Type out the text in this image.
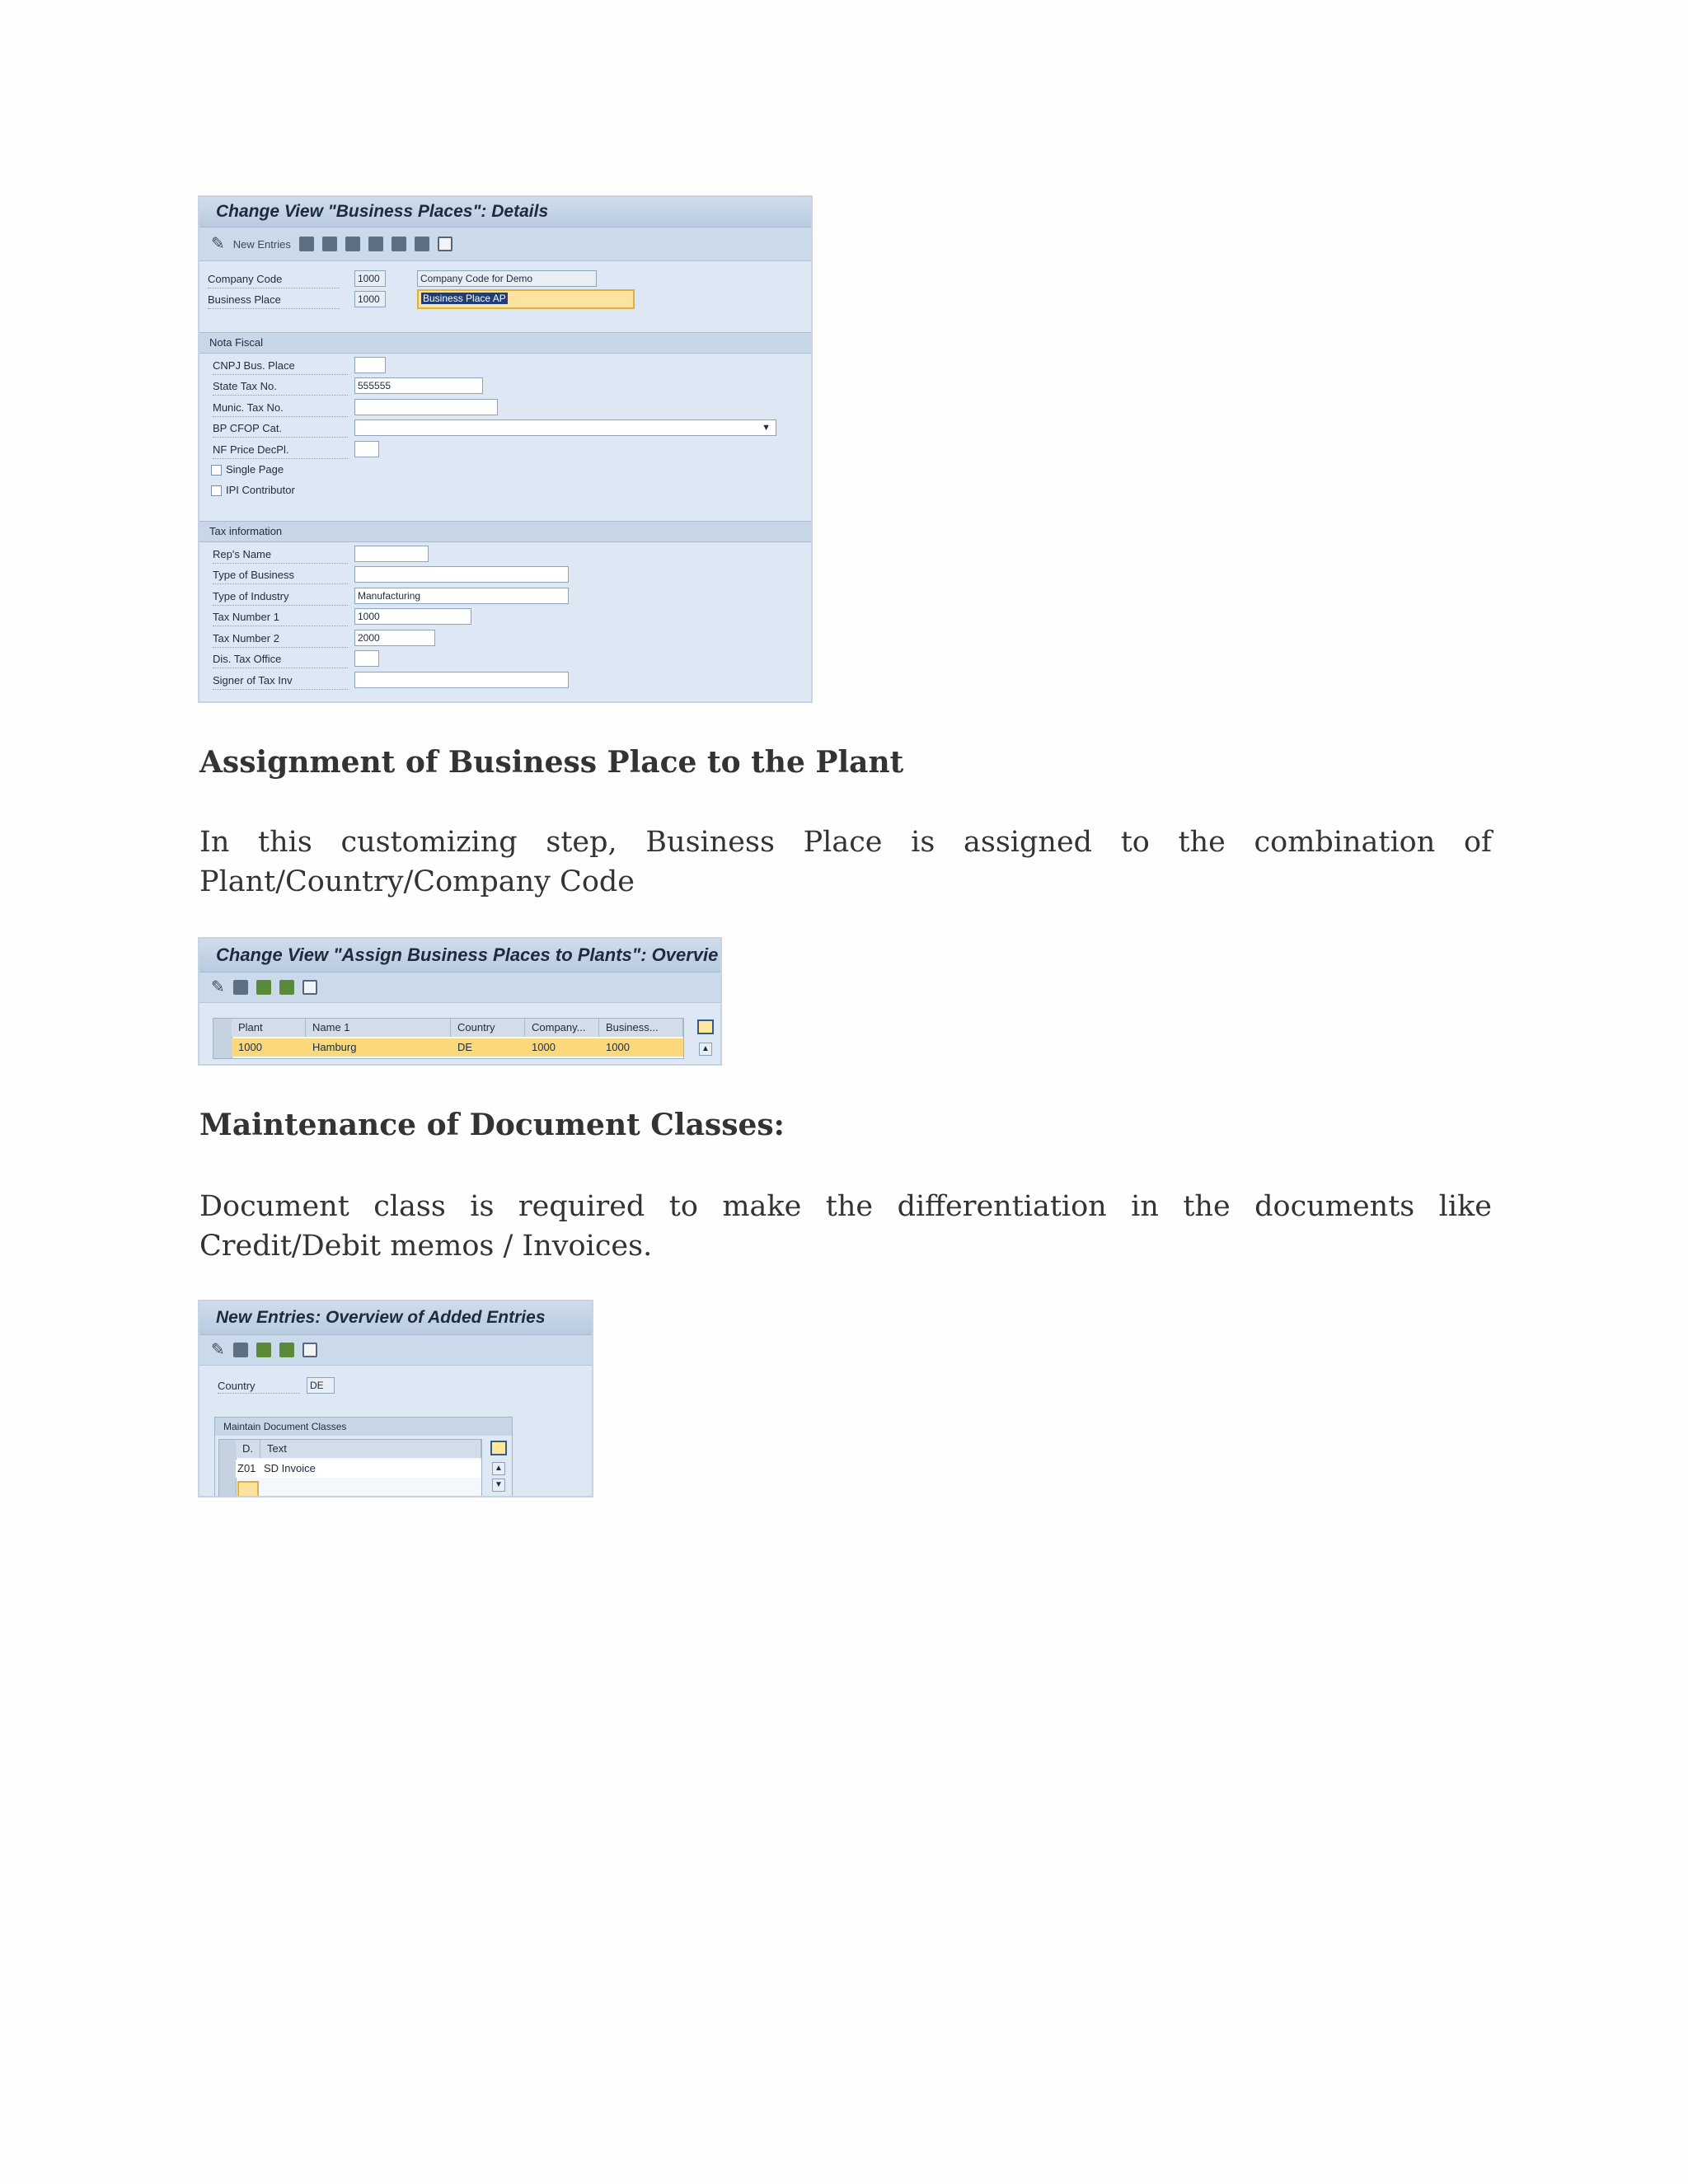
Change View "Business Places": Details
✎ New Entries
Company Code	1000	Company Code for Demo
Business Place	1000	Business Place AP
Nota Fiscal
CNPJ Bus. Place
State Tax No.	555555
Munic. Tax No.
BP CFOP Cat.	▼
NF Price DecPl.
Single Page
IPI Contributor
Tax information
Rep's Name
Type of Business
Type of Industry	Manufacturing
Tax Number 1	1000
Tax Number 2	2000
Dis. Tax Office
Signer of Tax Inv
Assignment of Business Place to the Plant
In this customizing step, Business Place is assigned to the combination of Plant/Country/Company Code
Change View "Assign Business Places to Plants": Overvie
✎
Plant	Name 1	Country	Company...	Business...
1000	Hamburg	DE	1000	1000	▲
Maintenance of Document Classes:
Document class is required to make the differentiation in the documents like Credit/Debit memos / Invoices.
New Entries: Overview of Added Entries
✎
Country	DE
Maintain Document Classes
D.	Text
Z01 SD Invoice	▲
▼
